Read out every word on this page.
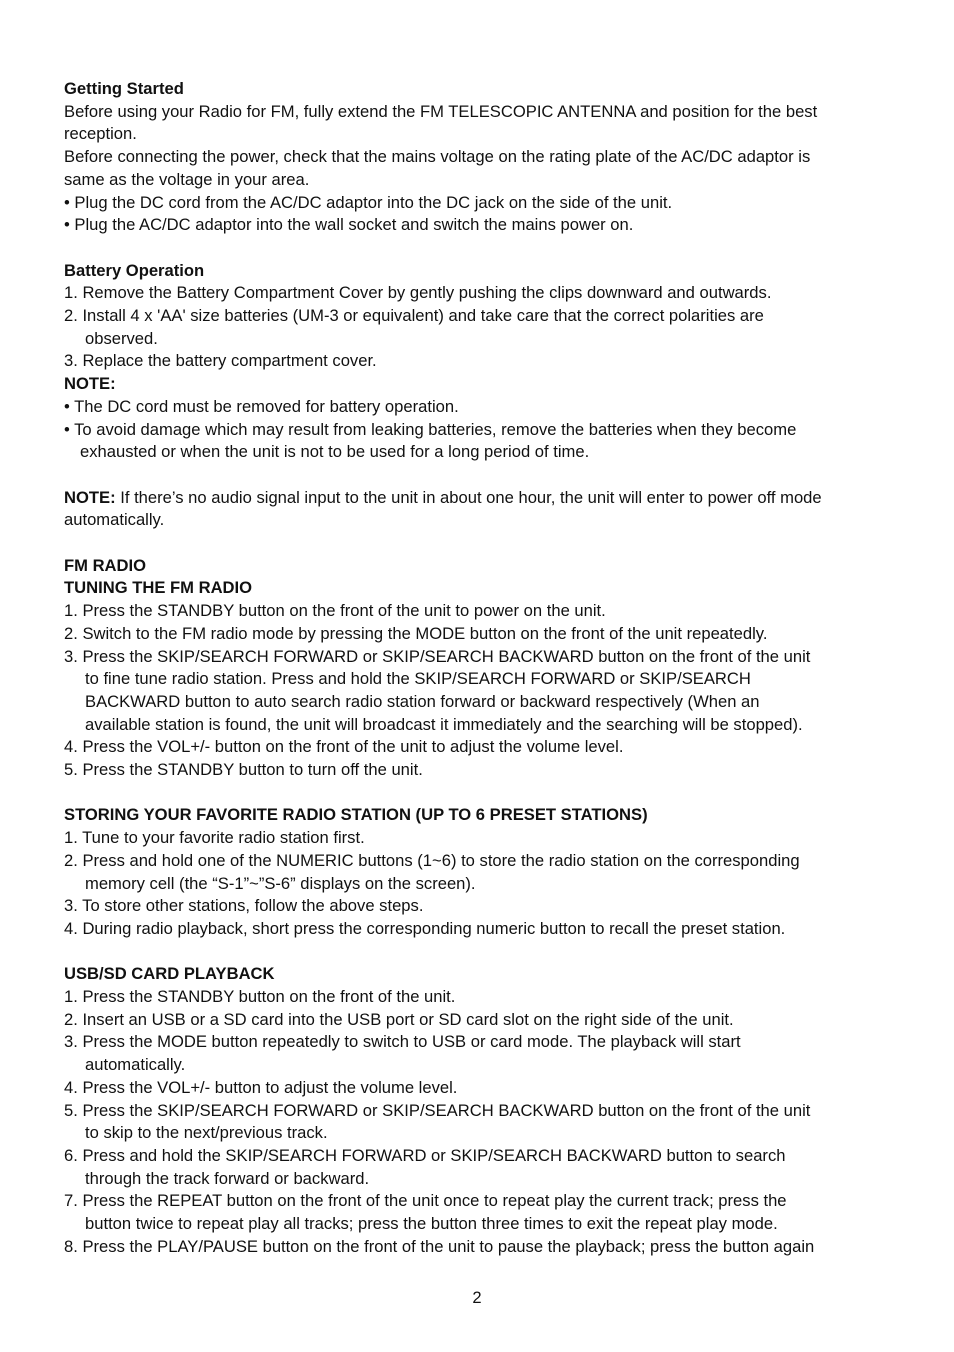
Getting Started
Before using your Radio for FM, fully extend the FM TELESCOPIC ANTENNA and position for the best
reception.
Before connecting the power, check that the mains voltage on the rating plate of the AC/DC adaptor is
same as the voltage in your area.
• Plug the DC cord from the AC/DC adaptor into the DC jack on the side of the unit.
• Plug the AC/DC adaptor into the wall socket and switch the mains power on.
Battery Operation
1. Remove the Battery Compartment Cover by gently pushing the clips downward and outwards.
2. Install 4 x 'AA' size batteries (UM-3 or equivalent) and take care that the correct polarities are
observed.
3. Replace the battery compartment cover.
NOTE:
• The DC cord must be removed for battery operation.
• To avoid damage which may result from leaking batteries, remove the batteries when they become
exhausted or when the unit is not to be used for a long period of time.
NOTE: If there’s no audio signal input to the unit in about one hour, the unit will enter to power off mode
automatically.
FM RADIO
TUNING THE FM RADIO
1. Press the STANDBY button on the front of the unit to power on the unit.
2. Switch to the FM radio mode by pressing the MODE button on the front of the unit repeatedly.
3. Press the SKIP/SEARCH FORWARD or SKIP/SEARCH BACKWARD button on the front of the unit
to fine tune radio station. Press and hold the SKIP/SEARCH FORWARD or SKIP/SEARCH
BACKWARD button to auto search radio station forward or backward respectively (When an
available station is found, the unit will broadcast it immediately and the searching will be stopped).
4. Press the VOL+/- button on the front of the unit to adjust the volume level.
5. Press the STANDBY button to turn off the unit.
STORING YOUR FAVORITE RADIO STATION (UP TO 6 PRESET STATIONS)
1. Tune to your favorite radio station first.
2. Press and hold one of the NUMERIC buttons (1~6) to store the radio station on the corresponding
memory cell (the “S-1”~”S-6” displays on the screen).
3. To store other stations, follow the above steps.
4. During radio playback, short press the corresponding numeric button to recall the preset station.
USB/SD CARD PLAYBACK
1. Press the STANDBY button on the front of the unit.
2. Insert an USB or a SD card into the USB port or SD card slot on the right side of the unit.
3. Press the MODE button repeatedly to switch to USB or card mode. The playback will start
automatically.
4. Press the VOL+/- button to adjust the volume level.
5. Press the SKIP/SEARCH FORWARD or SKIP/SEARCH BACKWARD button on the front of the unit
to skip to the next/previous track.
6. Press and hold the SKIP/SEARCH FORWARD or SKIP/SEARCH BACKWARD button to search
through the track forward or backward.
7. Press the REPEAT button on the front of the unit once to repeat play the current track; press the
button twice to repeat play all tracks; press the button three times to exit the repeat play mode.
8. Press the PLAY/PAUSE button on the front of the unit to pause the playback; press the button again
2
